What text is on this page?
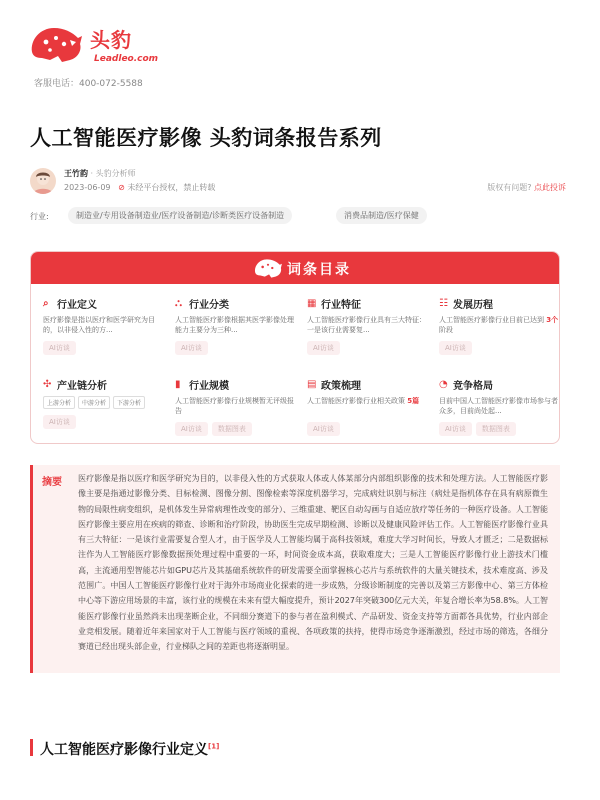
头豹
Leadleo.com
客服电话：400-072-5588
人工智能医疗影像 头豹词条报告系列
王竹韵 · 头豹分析师
2023-06-09 ⊘ 未经平台授权，禁止转载	版权有问题? 点此投诉
行业:	制造业/专用设备制造业/医疗设备制造/诊断类医疗设备制造	消费品制造/医疗保健
词条目录
⌕ 行业定义
医疗影像是指以医疗和医学研究为目的，以非侵入性的方...
AI访谈
⛬ 行业分类
人工智能医疗影像根据其医学影像处理能力主要分为三种...
AI访谈
▦ 行业特征
人工智能医疗影像行业具有三大特征：一是该行业需要复...
AI访谈
☷ 发展历程
人工智能医疗影像行业目前已达到 3个阶段
AI访谈
✣ 产业链分析
上游分析	中游分析	下游分析
AI访谈
▮ 行业规模
人工智能医疗影像行业规模暂无评级报告
AI访谈	数据图表
▤ 政策梳理
人工智能医疗影像行业相关政策 5篇
AI访谈
◔ 竞争格局
目前中国人工智能医疗影像市场参与者众多，目前尚处起...
AI访谈	数据图表
摘要 医疗影像是指以医疗和医学研究为目的，以非侵入性的方式获取人体或人体某部分内部组织影像的技术和处理方法。人工智能医疗影像主要是指通过影像分类、目标检测、图像分割、图像检索等深度机器学习，完成病灶识别与标注（病灶是指机体存在具有病原微生物的局限性病变组织，是机体发生异常病理性改变的部分）、三维重建、靶区自动勾画与自适应放疗等任务的一种医疗设备。人工智能医疗影像主要应用在疾病的筛查、诊断和治疗阶段，协助医生完成早期检测、诊断以及健康风险评估工作。人工智能医疗影像行业具有三大特征：一是该行业需要复合型人才，由于医学及人工智能均属于高科技领域，难度大学习时间长，导致人才匮乏；二是数据标注作为人工智能医疗影像数据预处理过程中重要的一环，时间资金成本高，获取难度大；三是人工智能医疗影像行业上游技术门槛高，主流通用型智能芯片如GPU芯片及其基础系统软件的研发需要全面掌握核心芯片与系统软件的大量关键技术，技术难度高、涉及范围广。中国人工智能医疗影像行业对于海外市场商业化探索的进一步成熟，分级诊断制度的完善以及第三方影像中心、第三方体检中心等下游应用场景的丰富，该行业的规模在未来有望大幅度提升，预计2027年突破300亿元大关，年复合增长率为58.8%。人工智能医疗影像行业虽然尚未出现垄断企业，不同细分赛道下的参与者在盈利模式、产品研发、资金支持等方面都各具优势，行业内部企业竞相发展。随着近年来国家对于人工智能与医疗领域的重视、各项政策的扶持，使得市场竞争逐渐激烈，经过市场的筛选，各细分赛道已经出现头部企业，行业梯队之间的差距也将逐渐明显。
人工智能医疗影像行业定义[1]
